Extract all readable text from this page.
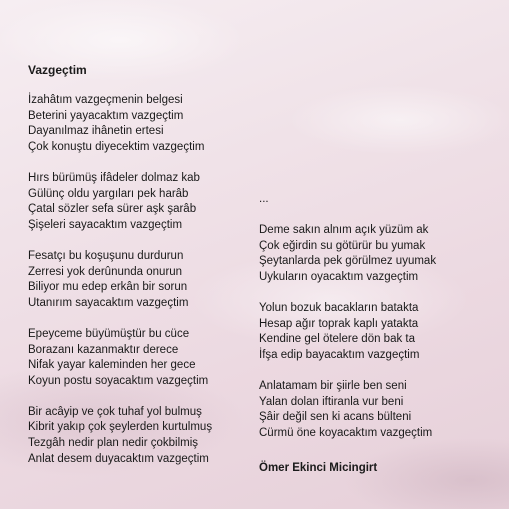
Vazgeçtim
İzahâtım vazgeçmenin belgesi
Beterini yayacaktım vazgeçtim
Dayanılmaz ihânetin ertesi
Çok konuştu diyecektim vazgeçtim
Hırs bürümüş ifâdeler dolmaz kab
Gülünç oldu yargıları pek harâb
Çatal sözler sefa sürer aşk şarâb
Şişeleri sayacaktım vazgeçtim
Fesatçı bu koşuşunu durdurun
Zerresi yok derûnunda onurun
Biliyor mu edep erkân bir sorun
Utanırım sayacaktım vazgeçtim
Epeyceme büyümüştür bu cüce
Borazanı kazanmaktır derece
Nifak yayar kaleminden her gece
Koyun postu soyacaktım vazgeçtim
Bir acâyip ve çok tuhaf yol bulmuş
Kibrit yakıp çok şeylerden kurtulmuş
Tezgâh nedir plan nedir çokbilmiş
Anlat desem duyacaktım vazgeçtim
...
Deme sakın alnım açık yüzüm ak
Çok eğirdin su götürür bu yumak
Şeytanlarda pek görülmez uyumak
Uykuların oyacaktım vazgeçtim
Yolun bozuk bacakların batakta
Hesap ağır toprak kaplı yatakta
Kendine gel ötelere dön bak ta
İfşa edip bayacaktım vazgeçtim
Anlatamam bir şiirle ben seni
Yalan dolan iftiranla vur beni
Şâir değil sen ki acans bülteni
Cürmü öne koyacaktım vazgeçtim
Ömer Ekinci Micingirt
